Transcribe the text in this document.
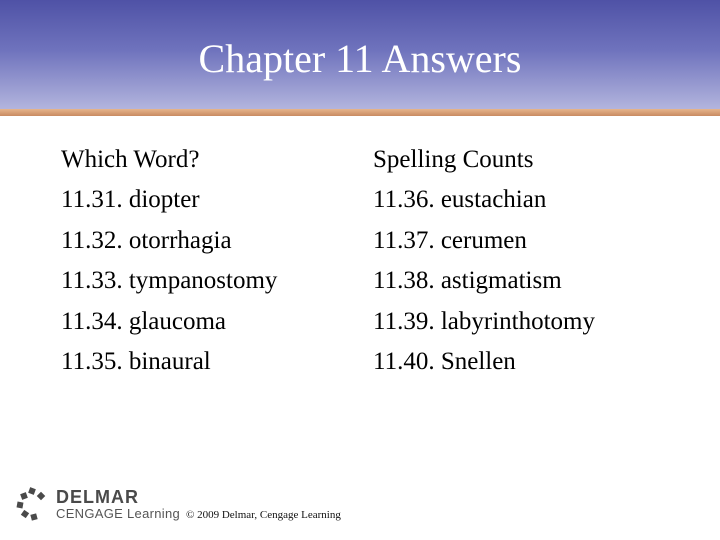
Chapter 11 Answers
Which Word?
11.31. diopter
11.32. otorrhagia
11.33. tympanostomy
11.34. glaucoma
11.35. binaural
Spelling Counts
11.36. eustachian
11.37. cerumen
11.38. astigmatism
11.39. labyrinthotomy
11.40. Snellen
DELMAR
CENGAGE Learning © 2009 Delmar, Cengage Learning
